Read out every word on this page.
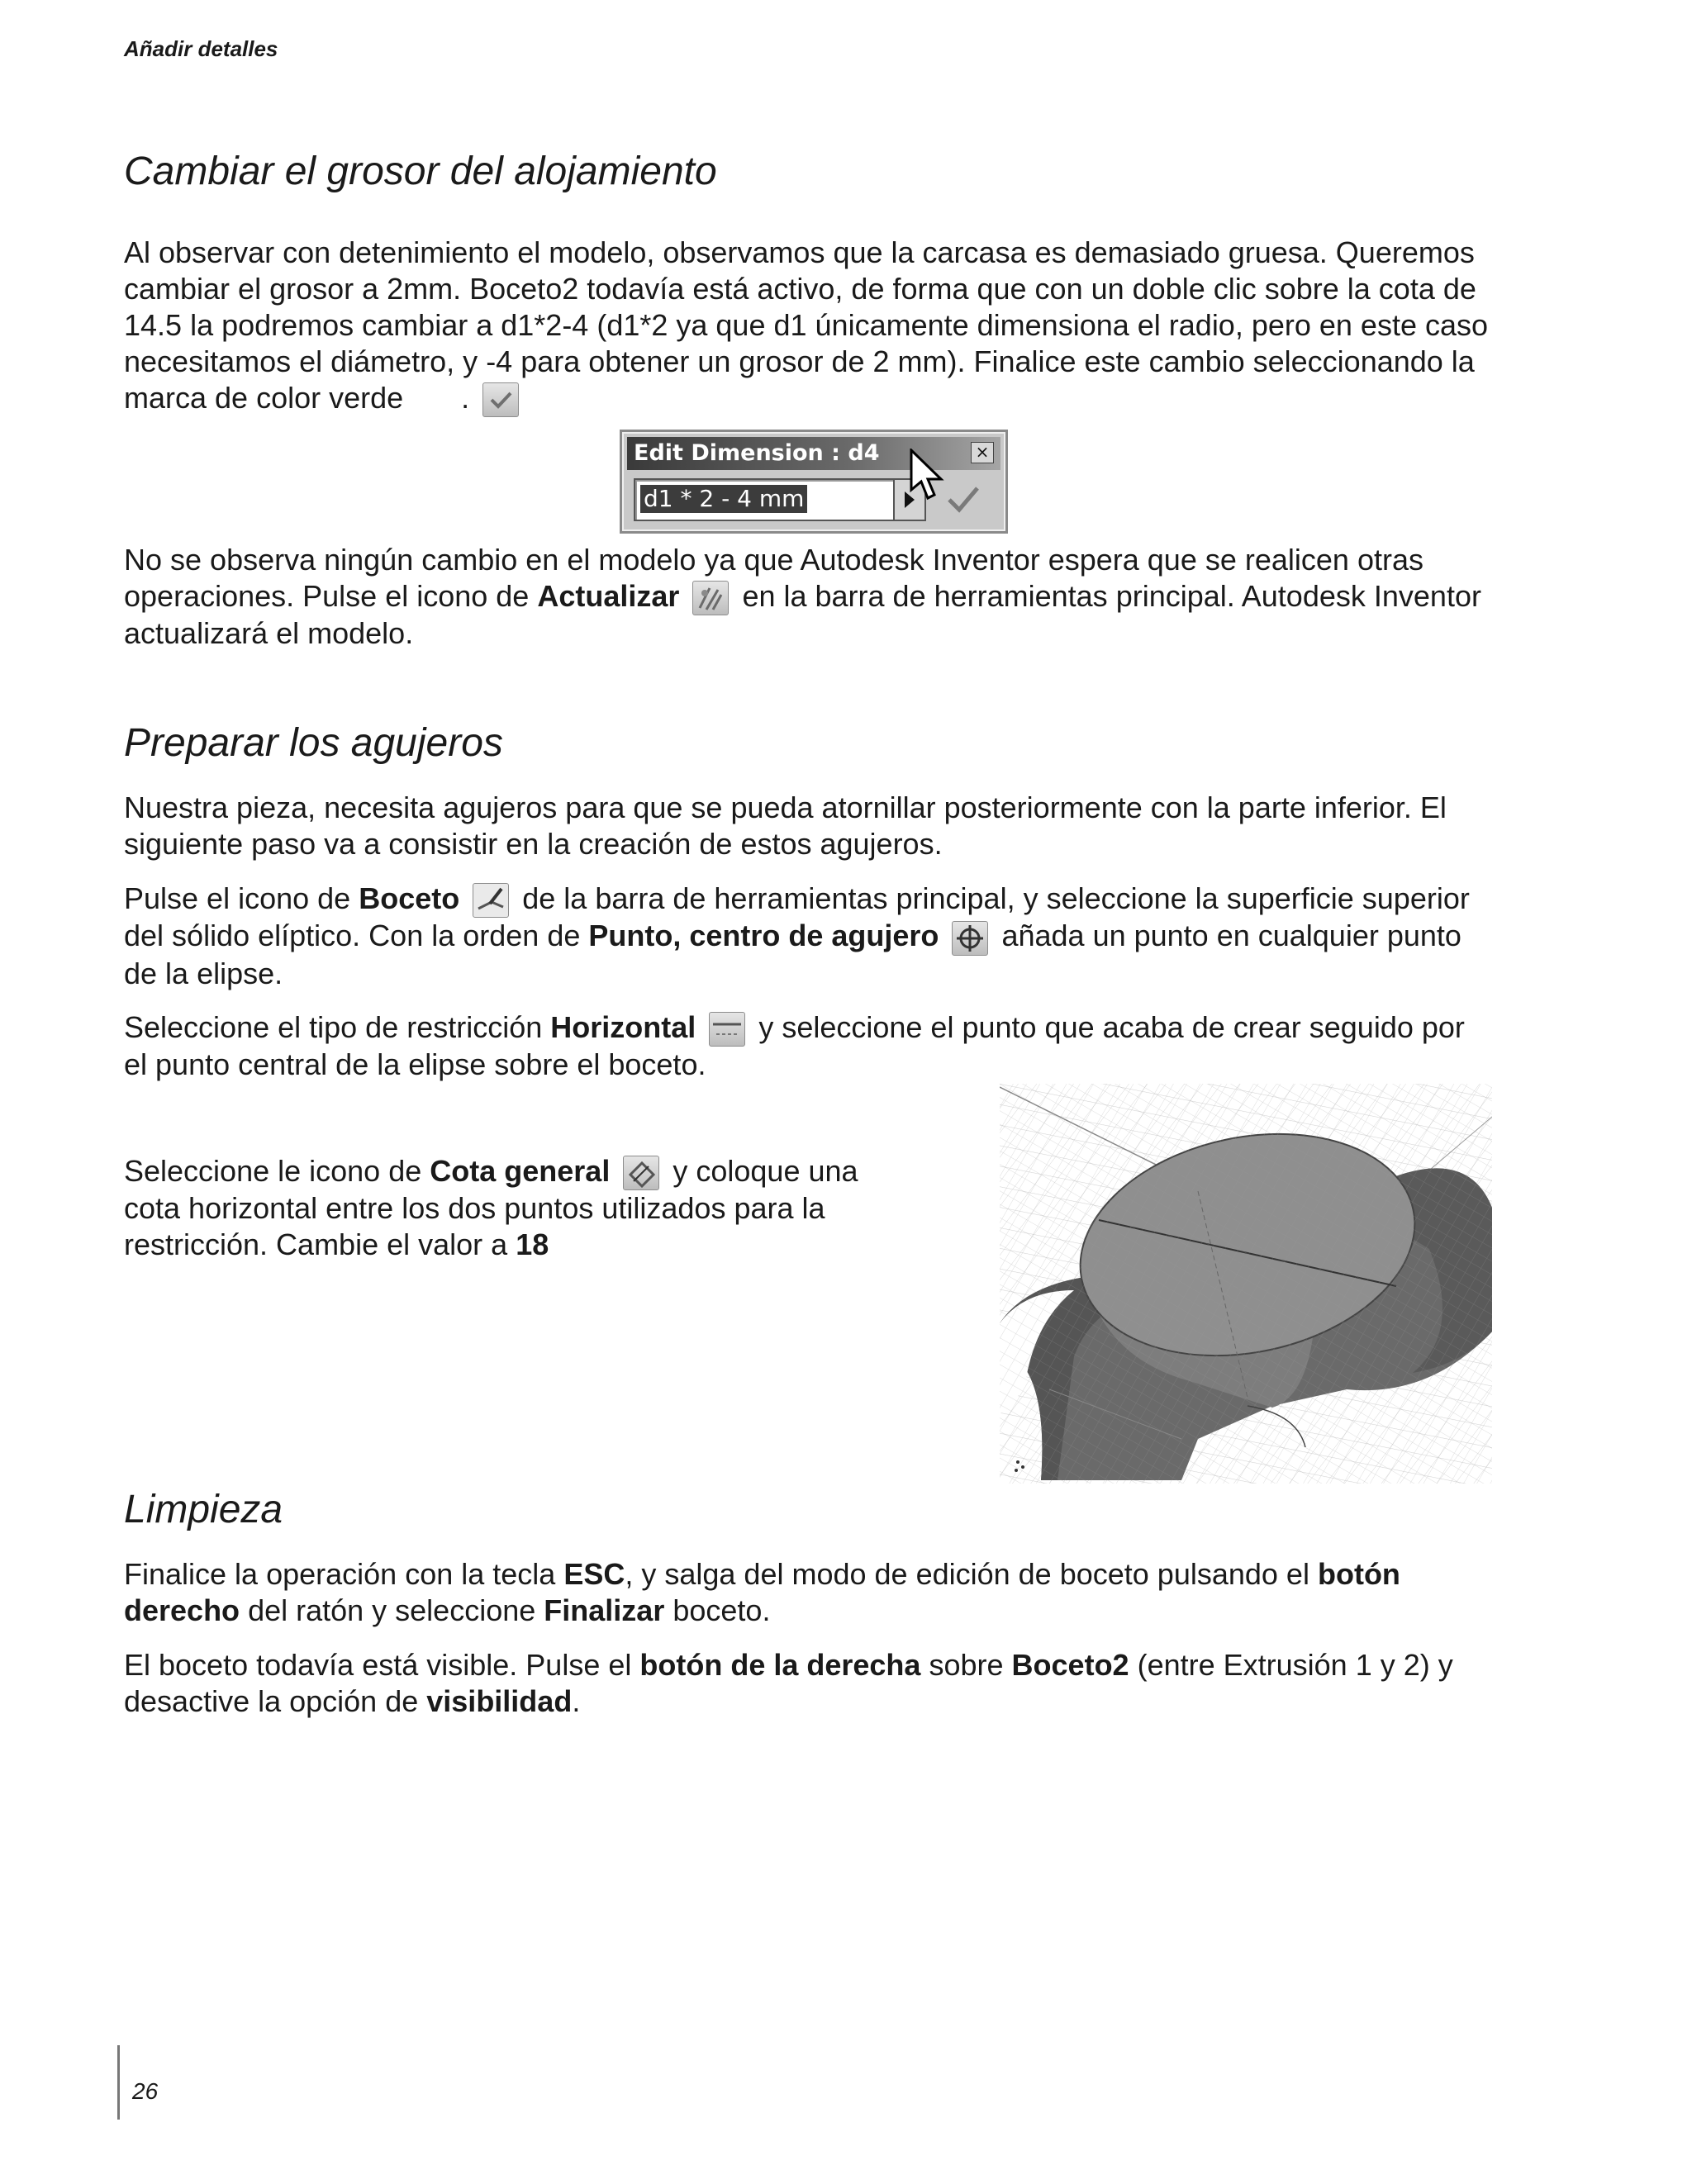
Añadir detalles
Cambiar el grosor del alojamiento

Al observar con detenimiento el modelo, observamos que la carcasa es demasiado gruesa. Queremos cambiar el grosor a 2mm. Boceto2 todavía está activo, de forma que con un doble clic sobre la cota de 14.5 la podremos cambiar a d1*2-4 (d1*2 ya que d1 únicamente dimensiona el radio, pero en este caso necesitamos el diámetro, y -4 para obtener un grosor de 2 mm). Finalice este cambio seleccionando la marca de color verde .

Edit Dimension : d4	×
d1 * 2 - 4 mm

No se observa ningún cambio en el modelo ya que Autodesk Inventor espera que se realicen otras operaciones. Pulse el icono de Actualizar en la barra de herramientas principal. Autodesk Inventor actualizará el modelo.

Preparar los agujeros

Nuestra pieza, necesita agujeros para que se pueda atornillar posteriormente con la parte inferior. El siguiente paso va a consistir en la creación de estos agujeros.

Pulse el icono de Boceto de la barra de herramientas principal, y seleccione la superficie superior del sólido elíptico. Con la orden de Punto, centro de agujero añada un punto en cualquier punto de la elipse.

Seleccione el tipo de restricción Horizontal y seleccione el punto que acaba de crear seguido por el punto central de la elipse sobre el boceto.

Seleccione le icono de Cota general y coloque una cota horizontal entre los dos puntos utilizados para la restricción. Cambie el valor a 18

Limpieza

Finalice la operación con la tecla ESC, y salga del modo de edición de boceto pulsando el botón derecho del ratón y seleccione Finalizar boceto.

El boceto todavía está visible. Pulse el botón de la derecha sobre Boceto2 (entre Extrusión 1 y 2) y desactive la opción de visibilidad.

26
